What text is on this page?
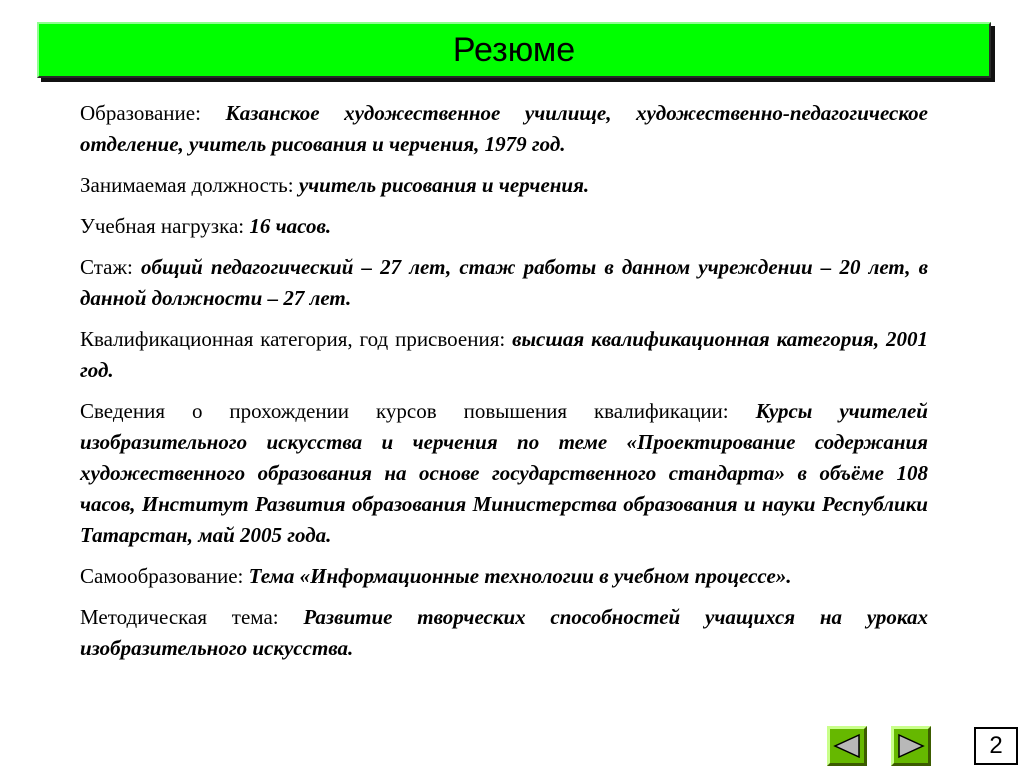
Резюме

Образование: Казанское художественное училище, художественно-педагогическое отделение, учитель рисования и черчения, 1979 год.

Занимаемая должность: учитель рисования и черчения.

Учебная нагрузка: 16 часов.

Стаж: общий педагогический – 27 лет, стаж работы в данном учреждении – 20 лет, в данной должности – 27 лет.

Квалификационная категория, год присвоения: высшая квалификационная категория, 2001 год.

Сведения о прохождении курсов повышения квалификации: Курсы учителей изобразительного искусства и черчения по теме «Проектирование содержания художественного образования на основе государственного стандарта» в объёме 108 часов, Институт Развития образования Министерства образования и науки Республики Татарстан, май 2005 года.

Самообразование: Тема «Информационные технологии в учебном процессе».

Методическая тема: Развитие творческих способностей учащихся на уроках изобразительного искусства.

2
